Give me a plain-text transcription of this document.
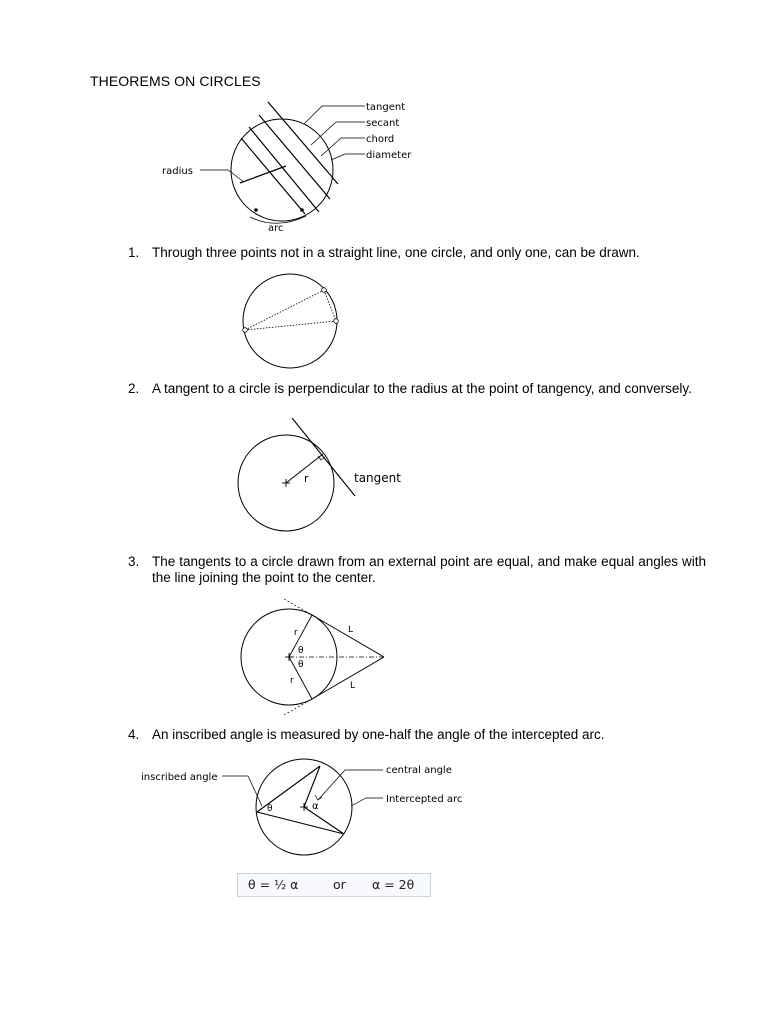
THEOREMS ON CIRCLES
tangent
secant
chord
diameter
radius
arc
1. Through three points not in a straight line, one circle, and only one, can be drawn.
2. A tangent to a circle is perpendicular to the radius at the point of tangency, and conversely.
r	tangent
3. The tangents to a circle drawn from an external point are equal, and make equal angles with the line joining the point to the center.
r
r
θ
θ
L
L
4. An inscribed angle is measured by one-half the angle of the intercepted arc.
θ	α
inscribed angle
central angle
Intercepted arc
θ = ½ α	or α = 2θ
